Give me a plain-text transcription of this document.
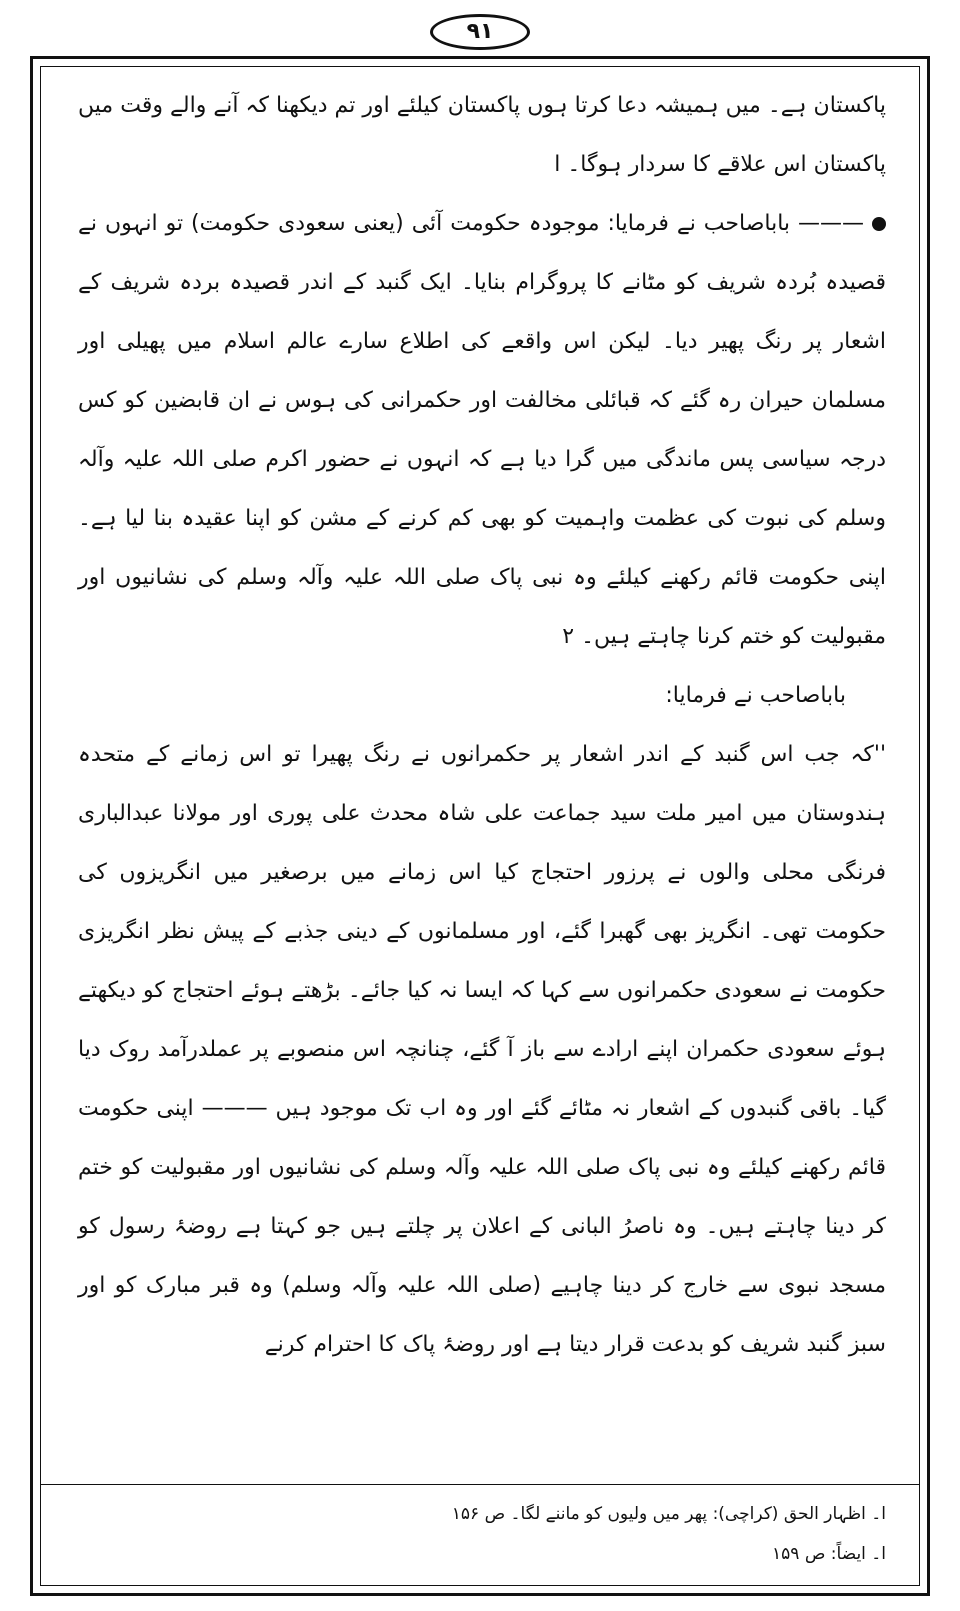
۹۱

پاکستان ہے۔ میں ہمیشہ دعا کرتا ہوں پاکستان کیلئے اور تم دیکھنا کہ آنے والے وقت میں پاکستان اس علاقے کا سردار ہوگا۔ ا

——— باباصاحب نے فرمایا: موجودہ حکومت آئی (یعنی سعودی حکومت) تو انہوں نے قصیدہ بُردہ شریف کو مٹانے کا پروگرام بنایا۔ ایک گنبد کے اندر قصیدہ بردہ شریف کے اشعار پر رنگ پھیر دیا۔ لیکن اس واقعے کی اطلاع سارے عالم اسلام میں پھیلی اور مسلمان حیران رہ گئے کہ قبائلی مخالفت اور حکمرانی کی ہوس نے ان قابضین کو کس درجہ سیاسی پس ماندگی میں گرا دیا ہے کہ انہوں نے حضور اکرم صلی اللہ علیہ وآلہ وسلم کی نبوت کی عظمت واہمیت کو بھی کم کرنے کے مشن کو اپنا عقیدہ بنا لیا ہے۔ اپنی حکومت قائم رکھنے کیلئے وہ نبی پاک صلی اللہ علیہ وآلہ وسلم کی نشانیوں اور مقبولیت کو ختم کرنا چاہتے ہیں۔ ۲

باباصاحب نے فرمایا:

''کہ جب اس گنبد کے اندر اشعار پر حکمرانوں نے رنگ پھیرا تو اس زمانے کے متحدہ ہندوستان میں امیر ملت سید جماعت علی شاہ محدث علی پوری اور مولانا عبدالباری فرنگی محلی والوں نے پرزور احتجاج کیا اس زمانے میں برصغیر میں انگریزوں کی حکومت تھی۔ انگریز بھی گھبرا گئے، اور مسلمانوں کے دینی جذبے کے پیش نظر انگریزی حکومت نے سعودی حکمرانوں سے کہا کہ ایسا نہ کیا جائے۔ بڑھتے ہوئے احتجاج کو دیکھتے ہوئے سعودی حکمران اپنے ارادے سے باز آ گئے، چنانچہ اس منصوبے پر عملدرآمد روک دیا گیا۔ باقی گنبدوں کے اشعار نہ مٹائے گئے اور وہ اب تک موجود ہیں ——— اپنی حکومت قائم رکھنے کیلئے وہ نبی پاک صلی اللہ علیہ وآلہ وسلم کی نشانیوں اور مقبولیت کو ختم کر دینا چاہتے ہیں۔ وہ ناصرُ البانی کے اعلان پر چلتے ہیں جو کہتا ہے روضۂ رسول کو مسجد نبوی سے خارج کر دینا چاہیے (صلی اللہ علیہ وآلہ وسلم) وہ قبر مبارک کو اور سبز گنبد شریف کو بدعت قرار دیتا ہے اور روضۂ پاک کا احترام کرنے

ا۔ اظہار الحق (کراچی): پھر میں ولیوں کو ماننے لگا۔ ص ۱۵۶

ا۔ ایضاً: ص ۱۵۹
